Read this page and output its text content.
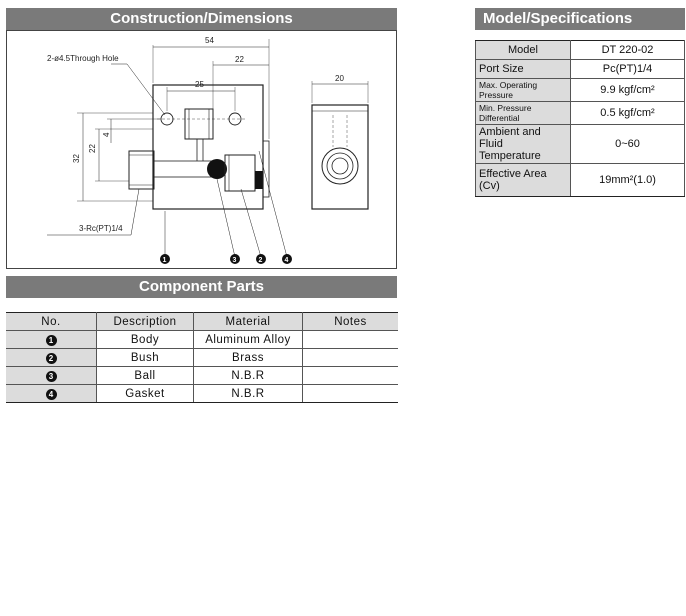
Construction/Dimensions
54
22
25
32
22
4
2-ø4.5Through Hole
3-Rc(PT)1/4
1	3	2	4
20
Component Parts
No.	Description	Material	Notes
1	Body	Aluminum Alloy	
2	Bush	Brass	
3	Ball	N.B.R	
4	Gasket	N.B.R	
Model/Specifications
Model	DT 220-02
Port Size	Pc(PT)1/4
Max. Operating Pressure	9.9 kgf/cm²
Min. Pressure Differential	0.5 kgf/cm²
Ambient and Fluid Temperature	0~60
Effective Area (Cv)	19mm²(1.0)
